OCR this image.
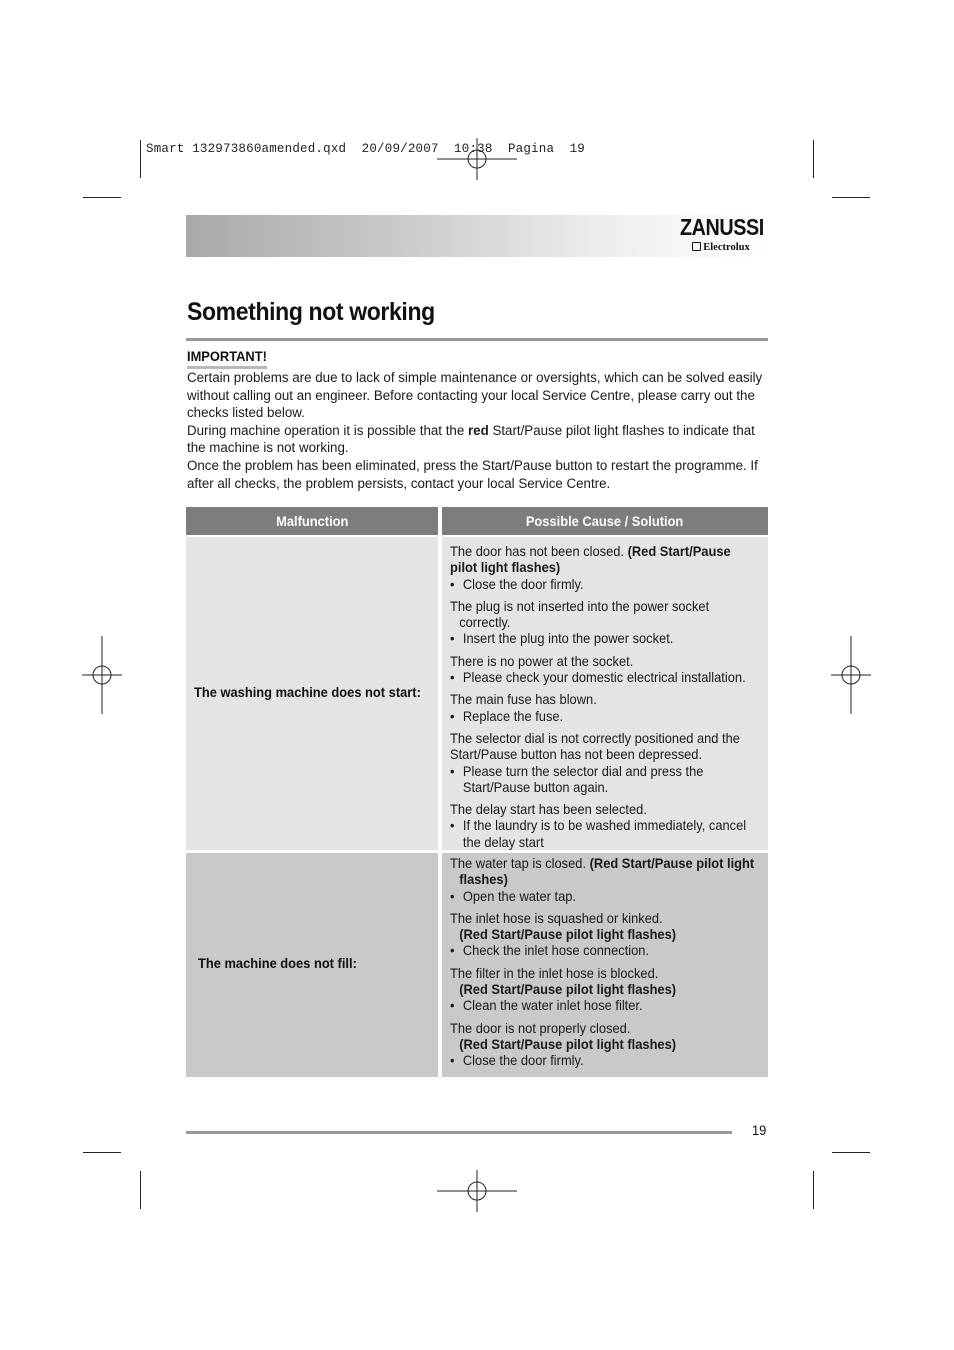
Smart 132973860amended.qxd  20/09/2007  10:38  Pagina  19
ZANUSSI
Electrolux
Something not working
IMPORTANT!

Certain problems are due to lack of simple maintenance or oversights, which can be solved easily

without calling out an engineer. Before contacting your local Service Centre, please carry out the

checks listed below.

During machine operation it is possible that the red Start/Pause pilot light flashes to indicate that

the machine is not working.

Once the problem has been eliminated, press the Start/Pause button to restart the programme. If

after all checks, the problem persists, contact your local Service Centre.

Malfunction	Possible Cause / Solution
The washing machine does not start:
The door has not been closed. (Red Start/Pause
pilot light flashes)
• Close the door firmly.
The plug is not inserted into the power socket
correctly.
• Insert the plug into the power socket.
There is no power at the socket.
• Please check your domestic electrical installation.
The main fuse has blown.
• Replace the fuse.
The selector dial is not correctly positioned and the
Start/Pause button has not been depressed.
• Please turn the selector dial and press the
Start/Pause button again.
The delay start has been selected.
• If the laundry is to be washed immediately, cancel
the delay start
The machine does not fill:
The water tap is closed. (Red Start/Pause pilot light
flashes)
• Open the water tap.
The inlet hose is squashed or kinked.
(Red Start/Pause pilot light flashes)
• Check the inlet hose connection.
The filter in the inlet hose is blocked.
(Red Start/Pause pilot light flashes)
• Clean the water inlet hose filter.
The door is not properly closed.
(Red Start/Pause pilot light flashes)
• Close the door firmly.
19
